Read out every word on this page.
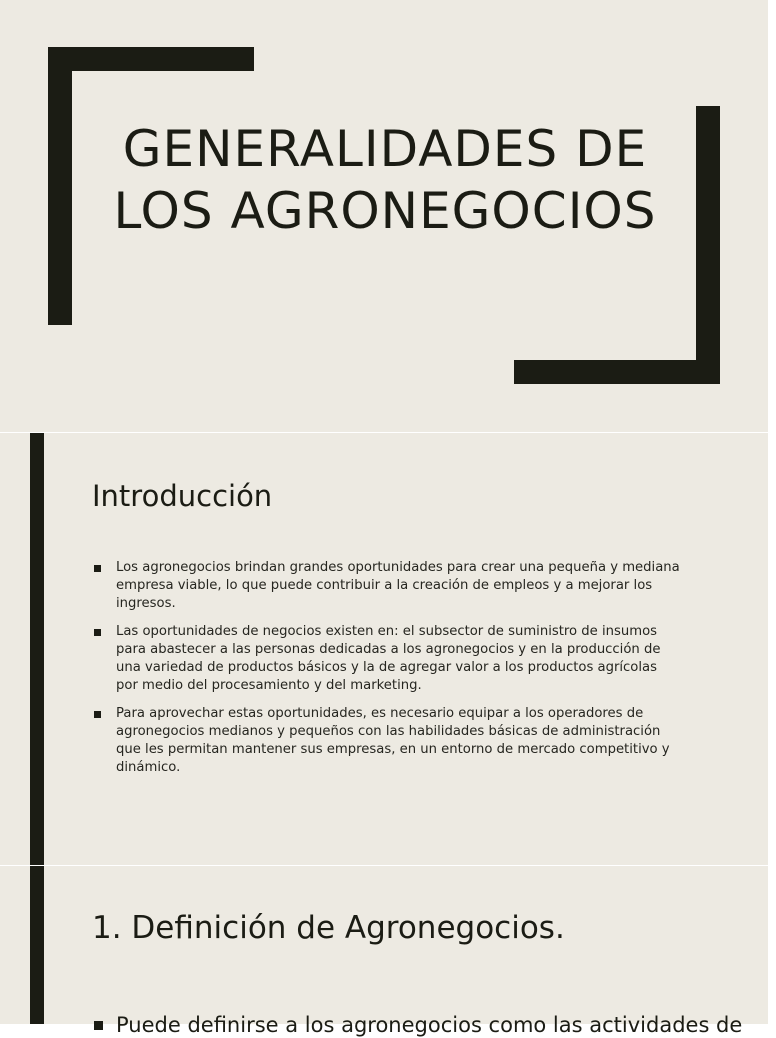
GENERALIDADES DE
LOS AGRONEGOCIOS
Introducción
Los agronegocios brindan grandes oportunidades para crear una pequeña y mediana empresa viable, lo que puede contribuir a la creación de empleos y a mejorar los ingresos.
Las oportunidades de negocios existen en: el subsector de suministro de insumos para abastecer a las personas dedicadas a los agronegocios y en la producción de una variedad de productos básicos y la de agregar valor a los productos agrícolas por medio del procesamiento y del marketing.
Para aprovechar estas oportunidades, es necesario equipar a los operadores de agronegocios medianos y pequeños con las habilidades básicas de administración que les permitan mantener sus empresas, en un entorno de mercado competitivo y dinámico.
1. Definición de Agronegocios.
Puede definirse a los agronegocios como las actividades de
